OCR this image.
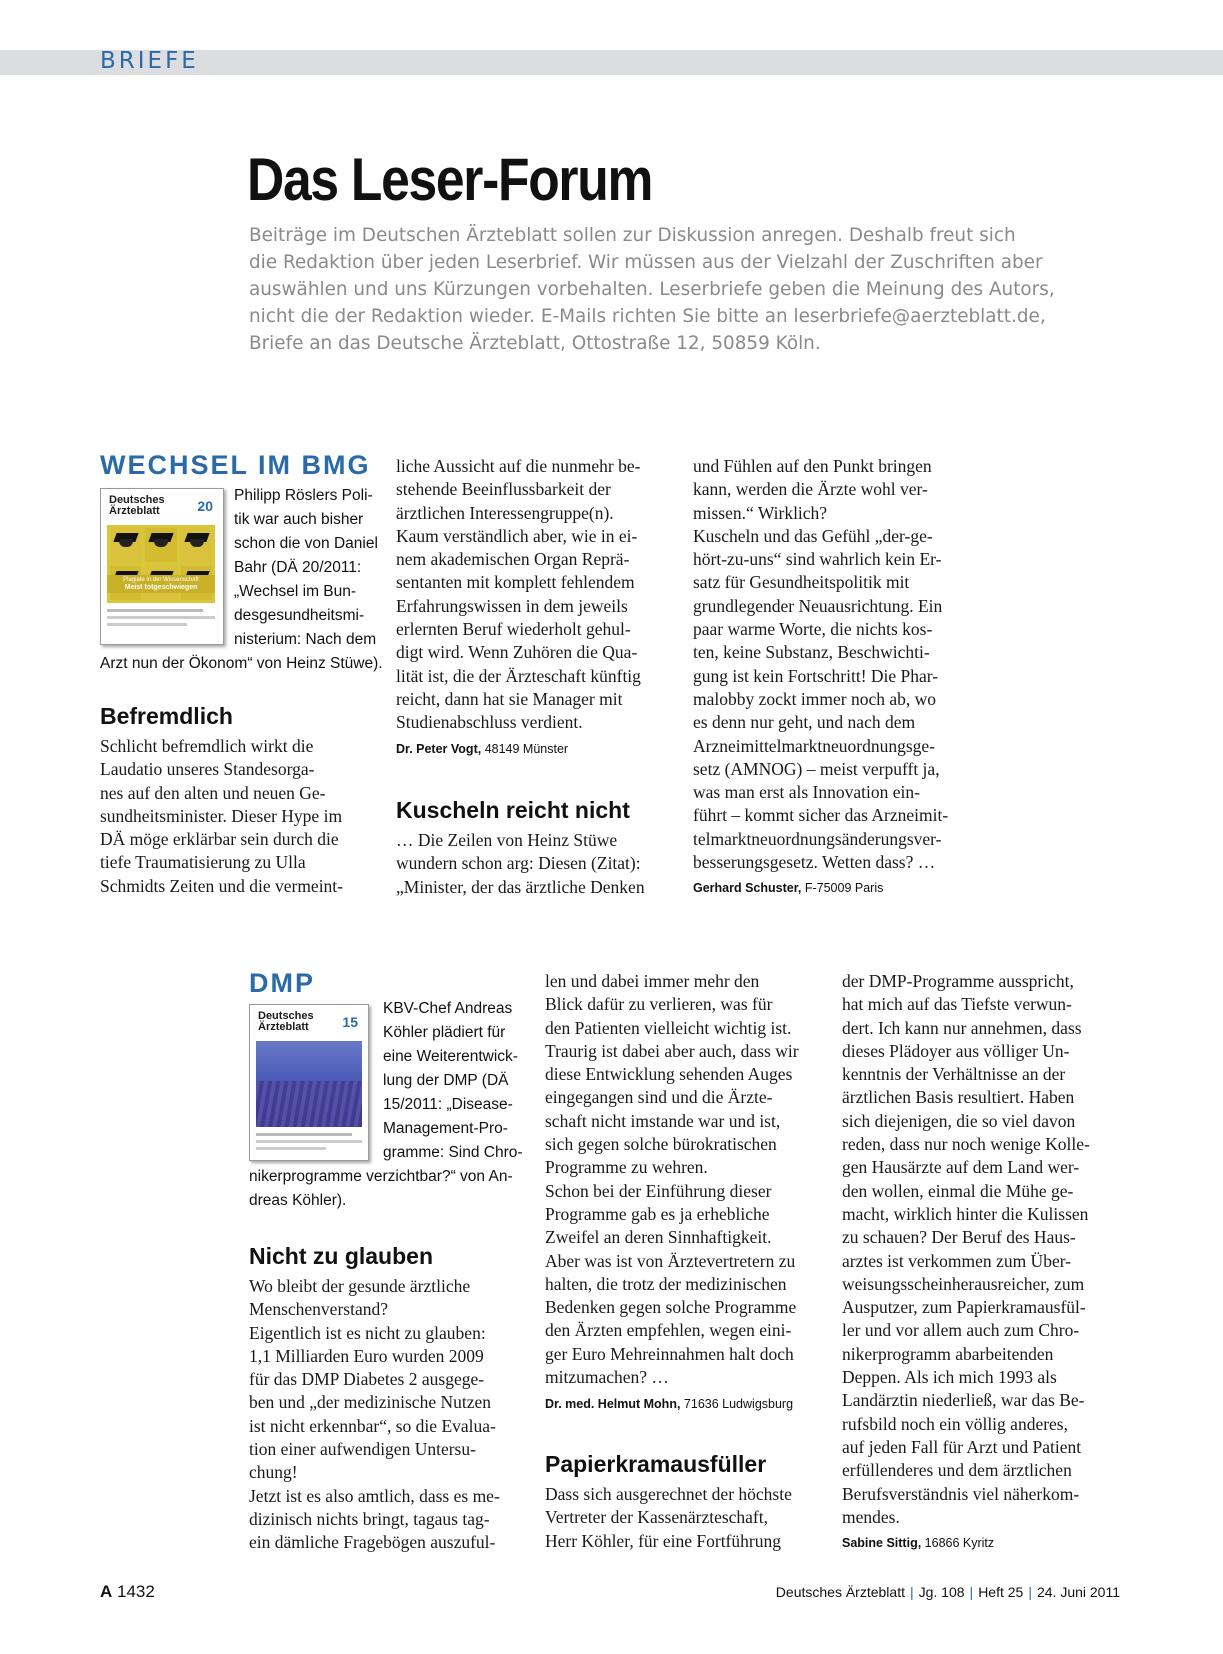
BRIEFE
Das Leser-Forum
Beiträge im Deutschen Ärzteblatt sollen zur Diskussion anregen. Deshalb freut sich
die Redaktion über jeden Leserbrief. Wir müssen aus der Vielzahl der Zuschriften aber
auswählen und uns Kürzungen vorbehalten. Leserbriefe geben die Meinung des Autors,
nicht die der Redaktion wieder. E-Mails richten Sie bitte an leserbriefe@aerzteblatt.de,
Briefe an das Deutsche Ärzteblatt, Ottostraße 12, 50859 Köln.
WECHSEL IM BMG
Deutsches
Ärzteblatt	20
Plagiate in der Wissenschaft
Meist totgeschwiegen
Philipp Röslers Poli-
tik war auch bisher
schon die von Daniel
Bahr (DÄ 20/2011:
„Wechsel im Bun-
desgesundheitsmi-
nisterium: Nach dem
Arzt nun der Ökonom“ von Heinz Stüwe).
Befremdlich
Schlicht befremdlich wirkt die
Laudatio unseres Standesorga-
nes auf den alten und neuen Ge-
sundheitsminister. Dieser Hype im
DÄ möge erklärbar sein durch die
tiefe Traumatisierung zu Ulla
Schmidts Zeiten und die vermeint-
liche Aussicht auf die nunmehr be-
stehende Beeinflussbarkeit der
ärztlichen Interessengruppe(n).
Kaum verständlich aber, wie in ei-
nem akademischen Organ Reprä-
sentanten mit komplett fehlendem
Erfahrungswissen in dem jeweils
erlernten Beruf wiederholt gehul-
digt wird. Wenn Zuhören die Qua-
lität ist, die der Ärzteschaft künftig
reicht, dann hat sie Manager mit
Studienabschluss verdient.
Dr. Peter Vogt, 48149 Münster
Kuscheln reicht nicht
… Die Zeilen von Heinz Stüwe
wundern schon arg: Diesen (Zitat):
„Minister, der das ärztliche Denken
und Fühlen auf den Punkt bringen
kann, werden die Ärzte wohl ver-
missen.“ Wirklich?
Kuscheln und das Gefühl „der-ge-
hört-zu-uns“ sind wahrlich kein Er-
satz für Gesundheitspolitik mit
grundlegender Neuausrichtung. Ein
paar warme Worte, die nichts kos-
ten, keine Substanz, Beschwichti-
gung ist kein Fortschritt! Die Phar-
malobby zockt immer noch ab, wo
es denn nur geht, und nach dem
Arzneimittelmarktneuordnungsge-
setz (AMNOG) – meist verpufft ja,
was man erst als Innovation ein-
führt – kommt sicher das Arzneimit-
telmarktneuordnungsänderungsver-
besserungsgesetz. Wetten dass? …
Gerhard Schuster, F-75009 Paris
DMP
Deutsches
Ärzteblatt	15
KBV-Chef Andreas
Köhler plädiert für
eine Weiterentwick-
lung der DMP (DÄ
15/2011: „Disease-
Management-Pro-
gramme: Sind Chro-
nikerprogramme verzichtbar?“ von An-
dreas Köhler).
Nicht zu glauben
Wo bleibt der gesunde ärztliche
Menschenverstand?
Eigentlich ist es nicht zu glauben:
1,1 Milliarden Euro wurden 2009
für das DMP Diabetes 2 ausgege-
ben und „der medizinische Nutzen
ist nicht erkennbar“, so die Evalua-
tion einer aufwendigen Untersu-
chung!
Jetzt ist es also amtlich, dass es me-
dizinisch nichts bringt, tagaus tag-
ein dämliche Fragebögen auszuful-
len und dabei immer mehr den
Blick dafür zu verlieren, was für
den Patienten vielleicht wichtig ist.
Traurig ist dabei aber auch, dass wir
diese Entwicklung sehenden Auges
eingegangen sind und die Ärzte-
schaft nicht imstande war und ist,
sich gegen solche bürokratischen
Programme zu wehren.
Schon bei der Einführung dieser
Programme gab es ja erhebliche
Zweifel an deren Sinnhaftigkeit.
Aber was ist von Ärztevertretern zu
halten, die trotz der medizinischen
Bedenken gegen solche Programme
den Ärzten empfehlen, wegen eini-
ger Euro Mehreinnahmen halt doch
mitzumachen? …
Dr. med. Helmut Mohn, 71636 Ludwigsburg
Papierkramausfüller
Dass sich ausgerechnet der höchste
Vertreter der Kassenärzteschaft,
Herr Köhler, für eine Fortführung
der DMP-Programme ausspricht,
hat mich auf das Tiefste verwun-
dert. Ich kann nur annehmen, dass
dieses Plädoyer aus völliger Un-
kenntnis der Verhältnisse an der
ärztlichen Basis resultiert. Haben
sich diejenigen, die so viel davon
reden, dass nur noch wenige Kolle-
gen Hausärzte auf dem Land wer-
den wollen, einmal die Mühe ge-
macht, wirklich hinter die Kulissen
zu schauen? Der Beruf des Haus-
arztes ist verkommen zum Über-
weisungsscheinherausreicher, zum
Ausputzer, zum Papierkramausfül-
ler und vor allem auch zum Chro-
nikerprogramm abarbeitenden
Deppen. Als ich mich 1993 als
Landärztin niederließ, war das Be-
rufsbild noch ein völlig anderes,
auf jeden Fall für Arzt und Patient
erfüllenderes und dem ärztlichen
Berufsverständnis viel näherkom-
mendes.
Sabine Sittig, 16866 Kyritz
A 1432	Deutsches Ärzteblatt | Jg. 108 | Heft 25 | 24. Juni 2011
